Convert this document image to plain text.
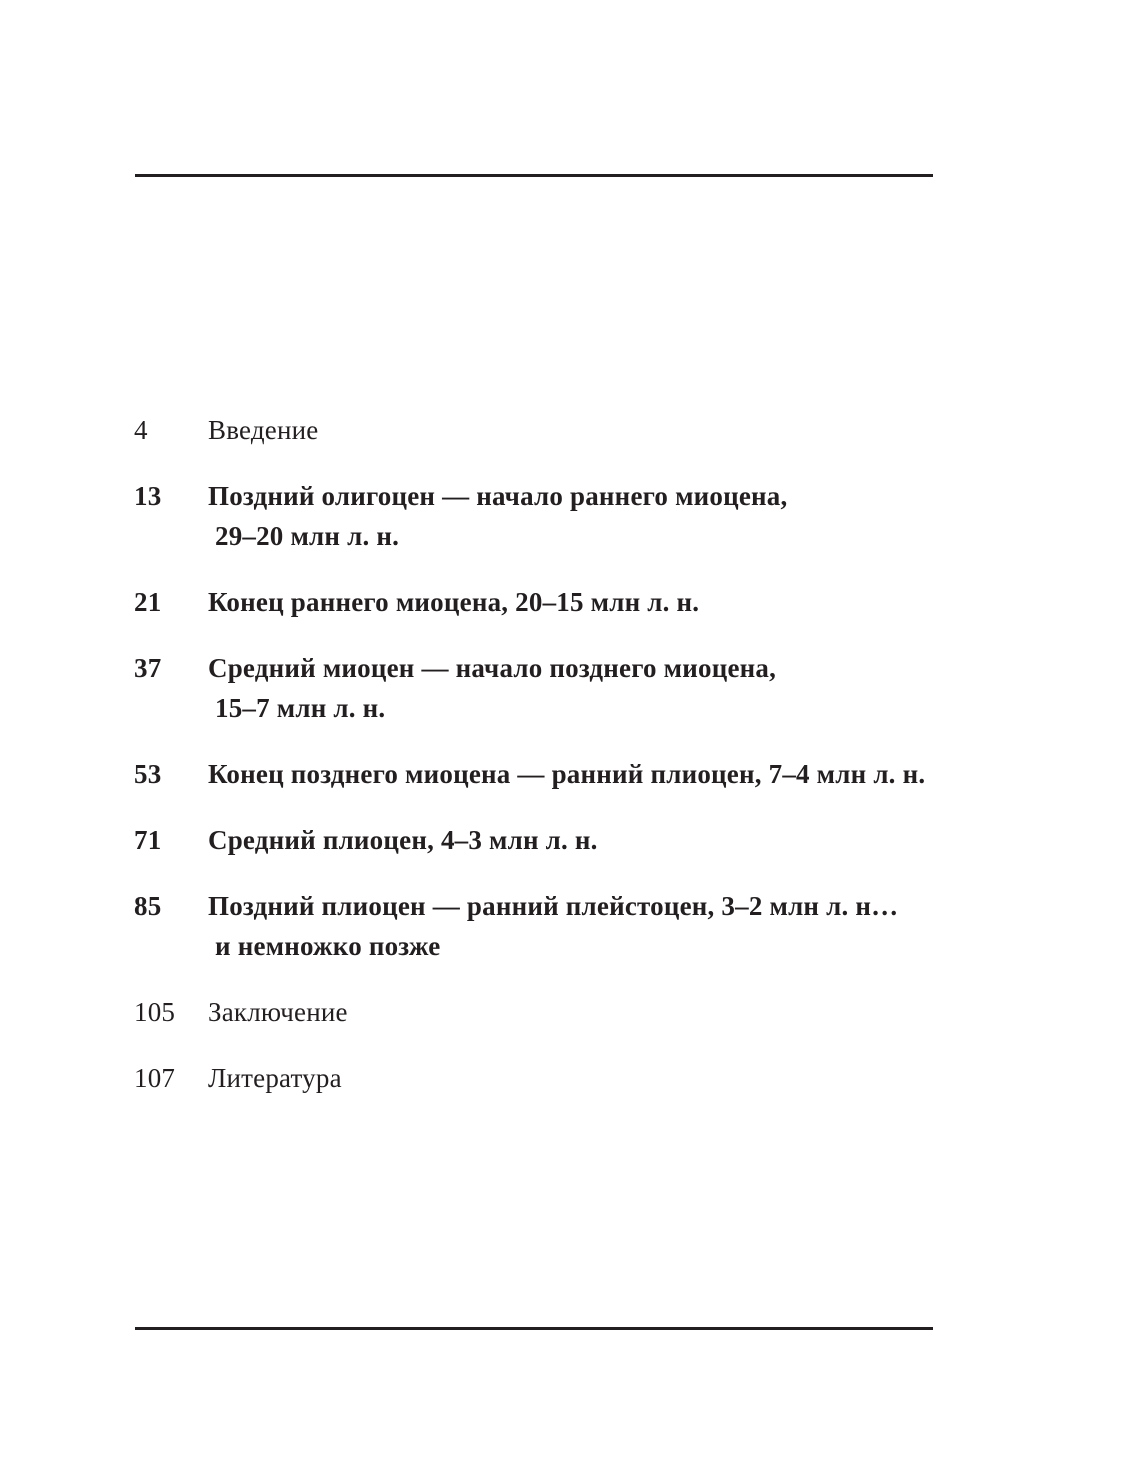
4	Введение
13	Поздний олигоцен — начало раннего миоцена,
29–20 млн л. н.
21	Конец раннего миоцена, 20–15 млн л. н.
37	Средний миоцен — начало позднего миоцена,
15–7 млн л. н.
53	Конец позднего миоцена — ранний плиоцен, 7–4 млн л. н.
71	Средний плиоцен, 4–3 млн л. н.
85	Поздний плиоцен — ранний плейстоцен, 3–2 млн л. н…
и немножко позже
105	Заключение
107	Литература
